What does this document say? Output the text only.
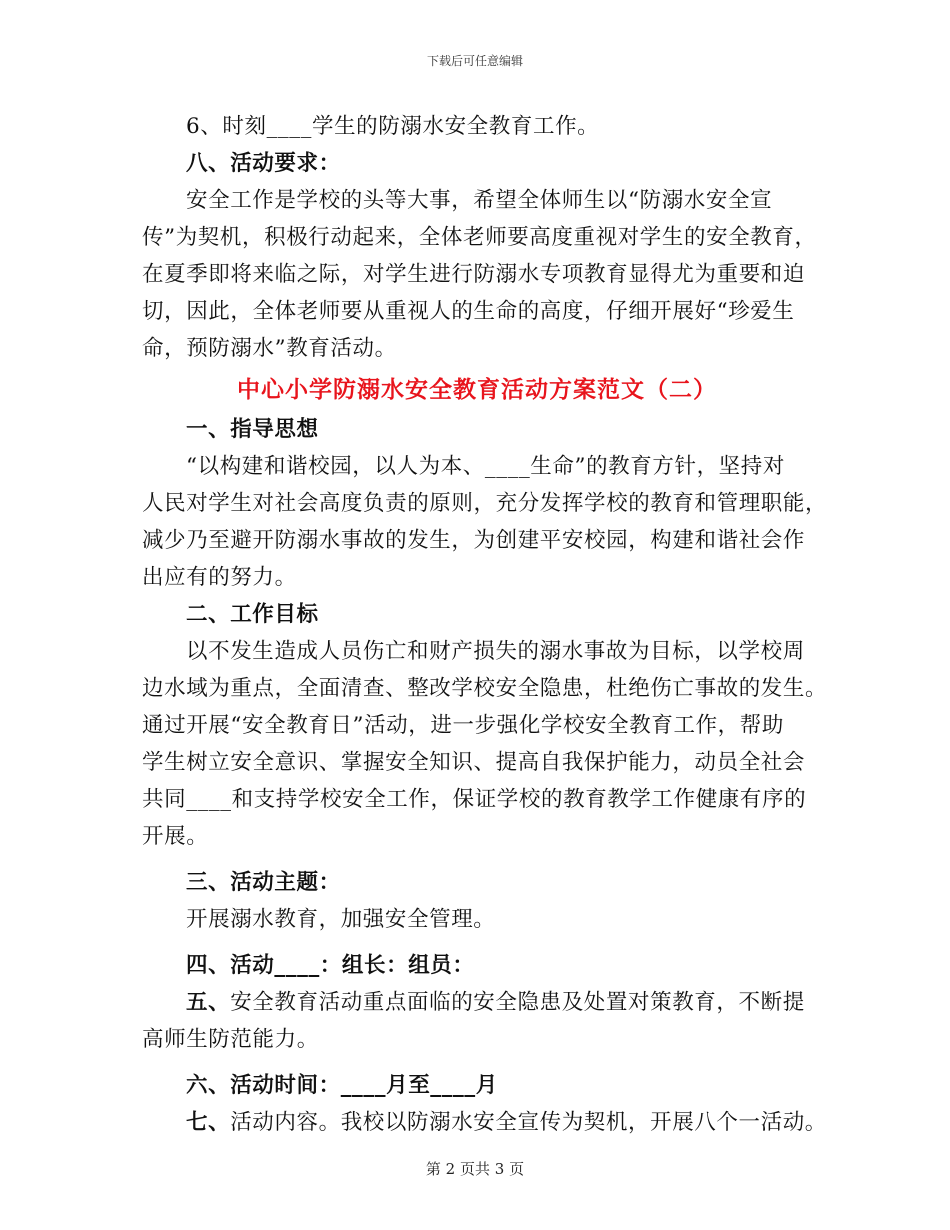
下载后可任意编辑
6、时刻____学生的防溺水安全教育工作。
八、活动要求：
安全工作是学校的头等大事，希望全体师生以“防溺水安全宣
传”为契机，积极行动起来，全体老师要高度重视对学生的安全教育，
在夏季即将来临之际，对学生进行防溺水专项教育显得尤为重要和迫
切，因此，全体老师要从重视人的生命的高度，仔细开展好“珍爱生
命，预防溺水”教育活动。
中心小学防溺水安全教育活动方案范文（二）
一、指导思想
“以构建和谐校园，以人为本、____生命”的教育方针，坚持对
人民对学生对社会高度负责的原则，充分发挥学校的教育和管理职能，
减少乃至避开防溺水事故的发生，为创建平安校园，构建和谐社会作
出应有的努力。
二、工作目标
以不发生造成人员伤亡和财产损失的溺水事故为目标，以学校周
边水域为重点，全面清查、整改学校安全隐患，杜绝伤亡事故的发生。
通过开展“安全教育日”活动，进一步强化学校安全教育工作，帮助
学生树立安全意识、掌握安全知识、提高自我保护能力，动员全社会
共同____和支持学校安全工作，保证学校的教育教学工作健康有序的
开展。
三、活动主题：
开展溺水教育，加强安全管理。
四、活动____：组长：组员：
五、安全教育活动重点面临的安全隐患及处置对策教育，不断提
高师生防范能力。
六、活动时间：____月至____月
七、活动内容。我校以防溺水安全宣传为契机，开展八个一活动。
第 2 页共 3 页
